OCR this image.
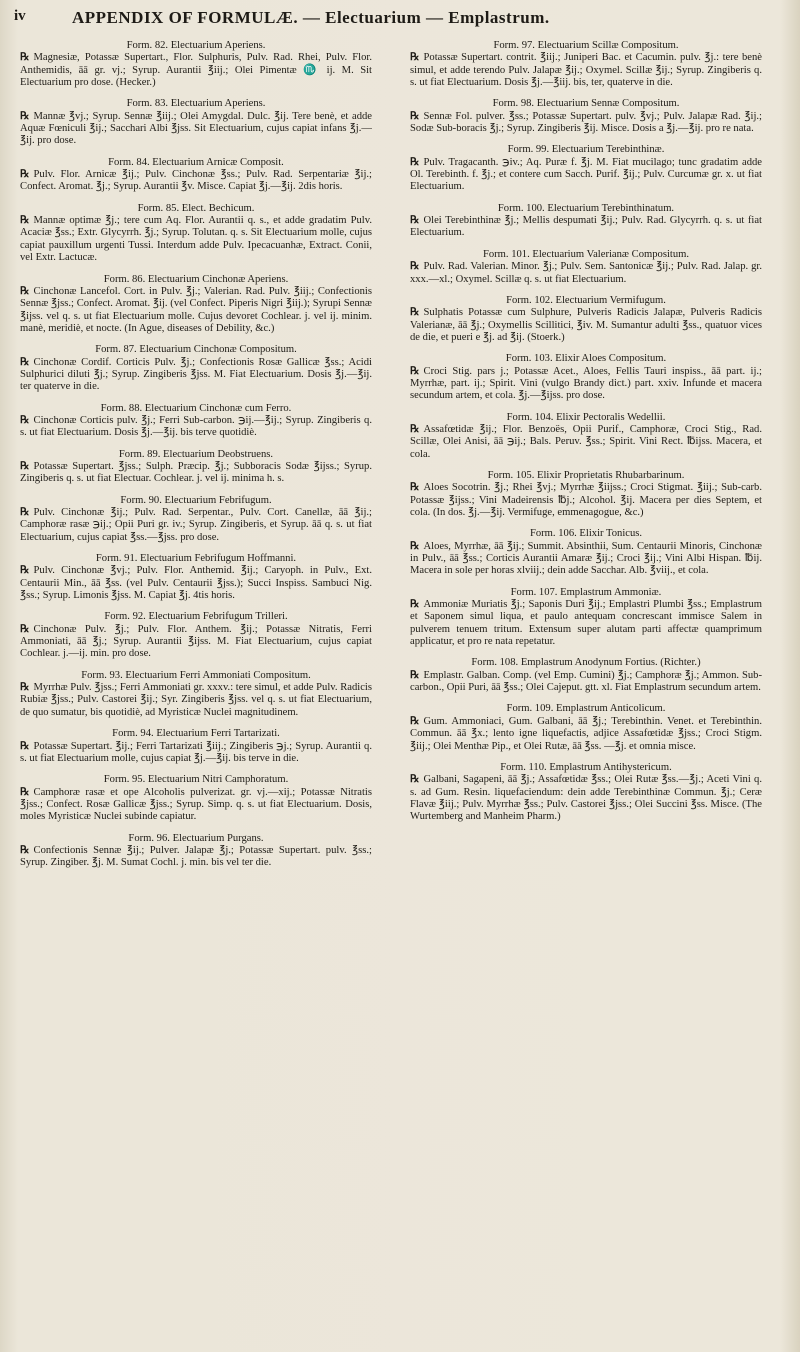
iv	APPENDIX OF FORMULÆ. — Electuarium — Emplastrum.
Form. 82. Electuarium Aperiens.
℞ Magnesiæ, Potassæ Supertart., Flor. Sulphuris, Pulv. Rad. Rhei, Pulv. Flor. Anthemidis, āā gr. vj.; Syrup. Aurantii ℥iij.; Olei Pimentæ ♏ ij. M. Sit Electuarium pro dose. (Hecker.)
Form. 83. Electuarium Aperiens.
℞ Mannæ ℥vj.; Syrup. Sennæ ℥iij.; Olei Amygdal. Dulc. ℥ij. Tere benè, et adde Aquæ Fœniculi ℥ij.; Sacchari Albi ℥jss. Sit Electuarium, cujus capiat infans ℥j.—℥ij. pro dose.
Form. 84. Electuarium Arnicæ Composit.
℞ Pulv. Flor. Arnicæ ℥ij.; Pulv. Cinchonæ ℥ss.; Pulv. Rad. Serpentariæ ℥ij.; Confect. Aromat. ℥j.; Syrup. Aurantii ℥v. Misce. Capiat ℥j.—℥ij. 2dis horis.
Form. 85. Elect. Bechicum.
℞ Mannæ optimæ ℥j.; tere cum Aq. Flor. Aurantii q. s., et adde gradatim Pulv. Acaciæ ℥ss.; Extr. Glycyrrh. ℥j.; Syrup. Tolutan. q. s. Sit Electuarium molle, cujus capiat pauxillum urgenti Tussi. Interdum adde Pulv. Ipecacuanhæ, Extract. Conii, vel Extr. Lactucæ.
Form. 86. Electuarium Cinchonæ Aperiens.
℞ Cinchonæ Lancefol. Cort. in Pulv. ℥j.; Valerian. Rad. Pulv. ℥iij.; Confectionis Sennæ ℥jss.; Confect. Aromat. ℥ij. (vel Confect. Piperis Nigri ℥iij.); Syrupi Sennæ ℥ijss. vel q. s. ut fiat Electuarium molle. Cujus devoret Cochlear. j. vel ij. minim. manè, meridiè, et nocte. (In Ague, diseases of Debility, &c.)
Form. 87. Electuarium Cinchonæ Compositum.
℞ Cinchonæ Cordif. Corticis Pulv. ℥j.; Confectionis Rosæ Gallicæ ℥ss.; Acidi Sulphurici diluti ℥j.; Syrup. Zingiberis ℥jss. M. Fiat Electuarium. Dosis ℥j.—℥ij. ter quaterve in die.
Form. 88. Electuarium Cinchonæ cum Ferro.
℞ Cinchonæ Corticis pulv. ℥j.; Ferri Sub-carbon. ℈ij.—℥ij.; Syrup. Zingiberis q. s. ut fiat Electuarium. Dosis ℥j.—℥ij. bis terve quotidiè.
Form. 89. Electuarium Deobstruens.
℞ Potassæ Supertart. ℥jss.; Sulph. Præcip. ℥j.; Subboracis Sodæ ℥ijss.; Syrup. Zingiberis q. s. ut fiat Electuar. Cochlear. j. vel ij. minima h. s.
Form. 90. Electuarium Febrifugum.
℞ Pulv. Cinchonæ ℥ij.; Pulv. Rad. Serpentar., Pulv. Cort. Canellæ, āā ℥ij.; Camphoræ rasæ ℈ij.; Opii Puri gr. iv.; Syrup. Zingiberis, et Syrup. āā q. s. ut fiat Electuarium, cujus capiat ℥ss.—℥jss. pro dose.
Form. 91. Electuarium Febrifugum Hoffmanni.
℞ Pulv. Cinchonæ ℥vj.; Pulv. Flor. Anthemid. ℥ij.; Caryoph. in Pulv., Ext. Centaurii Min., āā ℥ss. (vel Pulv. Centaurii ℥jss.); Succi Inspiss. Sambuci Nig. ℥ss.; Syrup. Limonis ℥jss. M. Capiat ℥j. 4tis horis.
Form. 92. Electuarium Febrifugum Trilleri.
℞ Cinchonæ Pulv. ℥j.; Pulv. Flor. Anthem. ℥ij.; Potassæ Nitratis, Ferri Ammoniati, āā ℥j.; Syrup. Aurantii ℥ijss. M. Fiat Electuarium, cujus capiat Cochlear. j.—ij. min. pro dose.
Form. 93. Electuarium Ferri Ammoniati Compositum.
℞ Myrrhæ Pulv. ℥jss.; Ferri Ammoniati gr. xxxv.: tere simul, et adde Pulv. Radicis Rubiæ ℥jss.; Pulv. Castorei ℥ij.; Syr. Zingiberis ℥jss. vel q. s. ut fiat Electuarium, de quo sumatur, bis quotidiè, ad Myristicæ Nuclei magnitudinem.
Form. 94. Electuarium Ferri Tartarizati.
℞ Potassæ Supertart. ℥ij.; Ferri Tartarizati ℥iij.; Zingiberis ℈j.; Syrup. Aurantii q. s. ut fiat Electuarium molle, cujus capiat ℥j.—℥ij. bis terve in die.
Form. 95. Electuarium Nitri Camphoratum.
℞ Camphoræ rasæ et ope Alcoholis pulverizat. gr. vj.—xij.; Potassæ Nitratis ℥jss.; Confect. Rosæ Gallicæ ℥jss.; Syrup. Simp. q. s. ut fiat Electuarium. Dosis, moles Myristicæ Nuclei subinde capiatur.
Form. 96. Electuarium Purgans.
℞ Confectionis Sennæ ℥ij.; Pulver. Jalapæ ℥j.; Potassæ Supertart. pulv. ℥ss.; Syrup. Zingiber. ℥j. M. Sumat Cochl. j. min. bis vel ter die.
Form. 97. Electuarium Scillæ Compositum.
℞ Potassæ Supertart. contrit. ℥iij.; Juniperi Bac. et Cacumin. pulv. ℥j.: tere benè simul, et adde terendo Pulv. Jalapæ ℥ij.; Oxymel. Scillæ ℥ij.; Syrup. Zingiberis q. s. ut fiat Electuarium. Dosis ℥j.—℥iij. bis, ter, quaterve in die.
Form. 98. Electuarium Sennæ Compositum.
℞ Sennæ Fol. pulver. ℥ss.; Potassæ Supertart. pulv. ℥vj.; Pulv. Jalapæ Rad. ℥ij.; Sodæ Sub-boracis ℥j.; Syrup. Zingiberis ℥ij. Misce. Dosis a ℥j.—℥ij. pro re nata.
Form. 99. Electuarium Terebinthinæ.
℞ Pulv. Tragacanth. ℈iv.; Aq. Puræ f. ℥j. M. Fiat mucilago; tunc gradatim adde Ol. Terebinth. f. ℥j.; et contere cum Sacch. Purif. ℥ij.; Pulv. Curcumæ gr. x. ut fiat Electuarium.
Form. 100. Electuarium Terebinthinatum.
℞ Olei Terebinthinæ ℥j.; Mellis despumati ℥ij.; Pulv. Rad. Glycyrrh. q. s. ut fiat Electuarium.
Form. 101. Electuarium Valerianæ Compositum.
℞ Pulv. Rad. Valerian. Minor. ℥j.; Pulv. Sem. Santonicæ ℥ij.; Pulv. Rad. Jalap. gr. xxx.—xl.; Oxymel. Scillæ q. s. ut fiat Electuarium.
Form. 102. Electuarium Vermifugum.
℞ Sulphatis Potassæ cum Sulphure, Pulveris Radicis Jalapæ, Pulveris Radicis Valerianæ, āā ℥j.; Oxymellis Scillitici, ℥iv. M. Sumantur adulti ℥ss., quatuor vices de die, et pueri e ℥j. ad ℥ij. (Stoerk.)
Form. 103. Elixir Aloes Compositum.
℞ Croci Stig. pars j.; Potassæ Acet., Aloes, Fellis Tauri inspiss., āā part. ij.; Myrrhæ, part. ij.; Spirit. Vini (vulgo Brandy dict.) part. xxiv. Infunde et macera secundum artem, et cola. ℥j.—℥ijss. pro dose.
Form. 104. Elixir Pectoralis Wedellii.
℞ Assafœtidæ ℥ij.; Flor. Benzoës, Opii Purif., Camphoræ, Croci Stig., Rad. Scillæ, Olei Anisi, āā ℈ij.; Bals. Peruv. ℥ss.; Spirit. Vini Rect. ℔ijss. Macera, et cola.
Form. 105. Elixir Proprietatis Rhubarbarinum.
℞ Aloes Socotrin. ℥j.; Rhei ℥vj.; Myrrhæ ℥iijss.; Croci Stigmat. ℥iij.; Sub-carb. Potassæ ℥ijss.; Vini Madeirensis ℔j.; Alcohol. ℥ij. Macera per dies Septem, et cola. (In dos. ℥j.—℥ij. Vermifuge, emmenagogue, &c.)
Form. 106. Elixir Tonicus.
℞ Aloes, Myrrhæ, āā ℥ij.; Summit. Absinthii, Sum. Centaurii Minoris, Cinchonæ in Pulv., āā ℥ss.; Corticis Aurantii Amaræ ℥ij.; Croci ℥ij.; Vini Albi Hispan. ℔ij. Macera in sole per horas xlviij.; dein adde Sacchar. Alb. ℥viij., et cola.
Form. 107. Emplastrum Ammoniæ.
℞ Ammoniæ Muriatis ℥j.; Saponis Duri ℥ij.; Emplastri Plumbi ℥ss.; Emplastrum et Saponem simul liqua, et paulo antequam concrescant immisce Salem in pulverem tenuem tritum. Extensum super alutam parti affectæ quamprimum applicatur, et pro re nata repetatur.
Form. 108. Emplastrum Anodynum Fortius. (Richter.)
℞ Emplastr. Galban. Comp. (vel Emp. Cumini) ℥j.; Camphoræ ℥j.; Ammon. Sub-carbon., Opii Puri, āā ℥ss.; Olei Cajeput. gtt. xl. Fiat Emplastrum secundum artem.
Form. 109. Emplastrum Anticolicum.
℞ Gum. Ammoniaci, Gum. Galbani, āā ℥j.; Terebinthin. Venet. et Terebinthin. Commun. āā ℥x.; lento igne liquefactis, adjice Assafœtidæ ℥jss.; Croci Stigm. ℥iij.; Olei Menthæ Pip., et Olei Rutæ, āā ℥ss. —℥j. et omnia misce.
Form. 110. Emplastrum Antihystericum.
℞ Galbani, Sagapeni, āā ℥j.; Assafœtidæ ℥ss.; Olei Rutæ ℥ss.—℥j.; Aceti Vini q. s. ad Gum. Resin. liquefaciendum: dein adde Terebinthinæ Commun. ℥j.; Ceræ Flavæ ℥iij.; Pulv. Myrrhæ ℥ss.; Pulv. Castorei ℥jss.; Olei Succini ℥ss. Misce. (The Wurtemberg and Manheim Pharm.)
